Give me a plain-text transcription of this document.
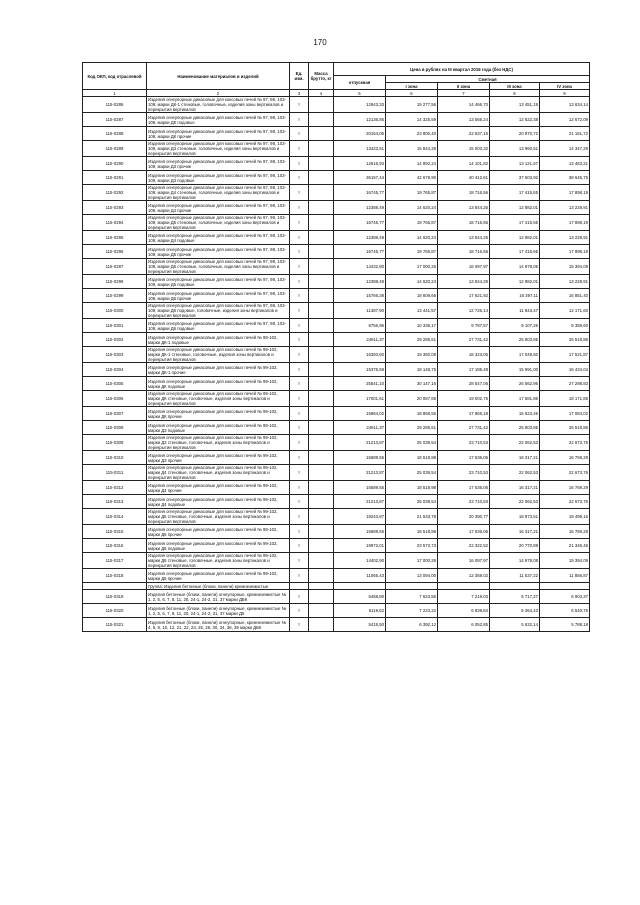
170
Код ОКП, код отраслевой	Наименование материалов и изделий	Ед. изм.	Масса брутто, кг	Цена в рублях на III квартал 2016 года (без НДС)				
				отпускная	Сметная			
					I зона	II зона	III зона	IV зона
1	2	3	4	5	6	7	8	9
115-0286	Изделия огнеупорные динасовые для коксовых печей № 97, 98, 103-109, марки ДК-1 стеновые, головочные, изделия зоны вертикалов и перекрытия вертикалов	т		12943,33	15 277,56	14 466,70	13 451,19	13 634,14
115-0287	Изделия огнеупорные динасовые для коксовых печей № 97, 98, 103-109, марки ДК подовые	т		12136,85	14 325,59	13 565,24	12 622,38	12 672,09
115-0288	Изделия огнеупорные динасовые для коксовых печей № 97, 98, 103-109, марки ДК прочие	т		20164,06	23 800,40	22 537,16	20 970,72	21 151,72
115-0289	Изделия огнеупорные динасовые для коксовых печей № 97, 98, 103-109, марки Д3 стеновые, головочные, изделия зоны вертикалов и перекрытия вертикалов	т		13423,51	15 844,28	15 003,32	13 960,51	14 347,29
115-0290	Изделия огнеупорные динасовые для коксовых печей № 97, 98, 103-109, марки Д3 прочие	т		12616,93	14 892,24	14 101,82	13 121,67	13 463,21
115-0291	Изделия огнеупорные динасовые для коксовых печей № 97, 98, 103-109, марки Д3 подовые	т		36157,44	42 678,90	40 412,61	37 603,92	38 645,75
115-0292	Изделия огнеупорные динасовые для коксовых печей № 97, 98, 103-109, марки Д4 стеновые, головочные, изделия зоны вертикалов и перекрытия вертикалов	т		16745,77	19 765,87	18 716,56	17 415,65	17 898,19
115-0293	Изделия огнеупорные динасовые для коксовых печей № 97, 98, 103-109, марки Д4 прочие	т		12388,49	14 620,24	13 844,25	12 882,01	13 228,91
115-0294	Изделия огнеупорные динасовые для коксовых печей № 97, 98, 103-109, марки Д5 стеновые, головочные, изделия зоны вертикалов и перекрытия вертикалов	т		16745,77	19 765,87	18 716,56	17 415,65	17 898,19
115-0295	Изделия огнеупорные динасовые для коксовых печей № 97, 98, 103-109, марки Д4 подовые	т		12388,49	14 620,24	13 844,25	12 882,01	13 228,91
115-0296	Изделия огнеупорные динасовые для коксовых печей № 97, 98, 103-109, марки Д5 прочие	т		16745,77	19 765,87	18 716,56	17 415,65	17 898,19
115-0297	Изделия огнеупорные динасовые для коксовых печей № 97, 98, 103-109, марки Д6 стеновые, головочные, изделия зоны вертикалов и перекрытия вертикалов	т		14432,80	17 000,26	16 097,97	14 979,05	15 394,09
115-0298	Изделия огнеупорные динасовые для коксовых печей № 97, 98, 103-109, марки Д5 подовые	т		12388,49	14 620,24	13 844,25	12 882,01	13 228,91
115-0299	Изделия огнеупорные динасовые для коксовых печей № 97, 98, 103-109, марки Д6 прочие	т		15766,38	18 609,66	17 621,92	16 397,11	16 851,40
115-0300	Изделия огнеупорные динасовые для коксовых печей № 97, 98, 103-109, марки Д6 подовые, головочные, изделия зоны вертикалов и перекрытия вертикалов	т		11387,90	13 441,57	12 726,14	11 843,47	12 171,60
115-0301	Изделия огнеупорные динасовые для коксовых печей № 97, 98, 103-109, марки Д6 подовые	т		8756,96	10 336,17	9 787,57	9 107,26	9 359,60
115-0302	Изделия огнеупорные динасовые для коксовых печей № 99-102, марки ДК-1 подовые	т		24811,37	29 285,61	27 731,42	25 803,85	26 518,86
115-0303	Изделия огнеупорные динасовые для коксовых печей № 99-102, марки ДК-1 стеновые, головочные, изделия зоны вертикалов и перекрытия вертикалов	т		16393,60	19 350,08	18 323,05	17 049,50	17 521,87
115-0304	Изделия огнеупорные динасовые для коксовых печей № 99-102, марки ДК-1 прочие	т		15375,59	18 148,75	17 185,48	15 991,00	16 434,04
115-0305	Изделия огнеупорные динасовые для коксовых печей № 99-102, марки ДК подовые	т		25541,10	30 147,16	28 547,06	26 562,96	27 298,83
115-0306	Изделия огнеупорные динасовые для коксовых печей № 99-102, марки ДК стеновые, головочные, изделия зоны вертикалов и перекрытия вертикалов	т		17001,61	20 067,69	19 002,75	17 681,86	18 171,85
115-0307	Изделия огнеупорные динасовые для коксовых печей № 99-102, марки ДК прочие	т		15964,02	18 868,55	17 865,18	16 623,46	17 084,02
115-0308	Изделия огнеупорные динасовые для коксовых печей № 99-102, марки Д3 подовые	т		24811,37	29 285,61	27 731,42	25 803,85	26 518,86
115-0309	Изделия огнеупорные динасовые для коксовых печей № 99-102, марки Д3 стеновые, головочные, изделия зоны вертикалов и перекрытия вертикалов	т		21213,87	25 039,54	23 710,53	22 062,53	22 673,76
115-0310	Изделия огнеупорные динасовые для коксовых печей № 99-102, марки Д3 прочие	т		15689,55	18 518,98	17 536,06	16 317,21	16 769,29
115-0311	Изделия огнеупорные динасовые для коксовых печей № 99-102, марки Д4 стеновые, головочные, изделия зоны вертикалов и перекрытия вертикалов	т		21213,87	25 039,54	23 710,53	22 062,53	22 673,76
115-0312	Изделия огнеупорные динасовые для коксовых печей № 99-102, марки Д4 прочие	т		15689,55	18 518,98	17 536,06	16 317,21	16 769,29
115-0313	Изделия огнеупорные динасовые для коксовых печей № 99-102, марки Д4 подовые	т		21213,87	25 039,54	23 710,53	22 062,53	22 673,76
115-0314	Изделия огнеупорные динасовые для коксовых печей № 99-102, марки Д5 стеновые, головочные, изделия зоны вертикалов и перекрытия вертикалов	т		18243,87	21 533,78	20 390,77	18 973,51	19 499,16
115-0315	Изделия огнеупорные динасовые для коксовых печей № 99-102, марки Д5 прочие	т		15689,55	18 518,98	17 536,06	16 317,21	16 769,29
115-0316	Изделия огнеупорные динасовые для коксовых печей № 99-102, марки Д6 подовые	т		19972,01	23 573,73	22 322,52	20 770,89	21 346,46
115-0317	Изделия огнеупорные динасовые для коксовых печей № 99-102, марки Д6 стеновые, головочные, изделия зоны вертикалов и перекрытия вертикалов	т		14402,90	17 000,29	16 097,97	14 979,08	15 394,09
115-0318	Изделия огнеупорные динасовые для коксовых печей № 99-102, марки Д6 прочие	т		11065,43	13 094,00	12 359,02	11 537,22	11 856,87
	Группа: Изделия бетонные (блоки, панели) кремнеземистые							
115-0319	Изделия бетонные (блоки, панели) огнеупорные, кремнеземистые № 1, 2, 5, 6, 7, 8, 11, 20, 24-1, 24-2, 31, 37 марки ДБК	т		6458,80	7 623,56	7 219,03	6 717,27	6 903,37
115-0320	Изделия бетонные (блоки, панели) огнеупорные, кремнеземистые № 1, 2, 5, 6, 7, 8, 11, 20, 24-1, 24-2, 31, 37 марки Д5	т		6119,62	7 223,22	6 839,84	6 364,43	6 540,76
115-0321	Изделия бетонные (блоки, панели) огнеупорные, кремнеземистые № 4, 5, 9, 10, 12, 21, 22, 23, 25, 26, 30, 34, 36, 39 марки ДБК	т		5415,50	6 392,12	6 052,85	5 632,14	5 788,18
